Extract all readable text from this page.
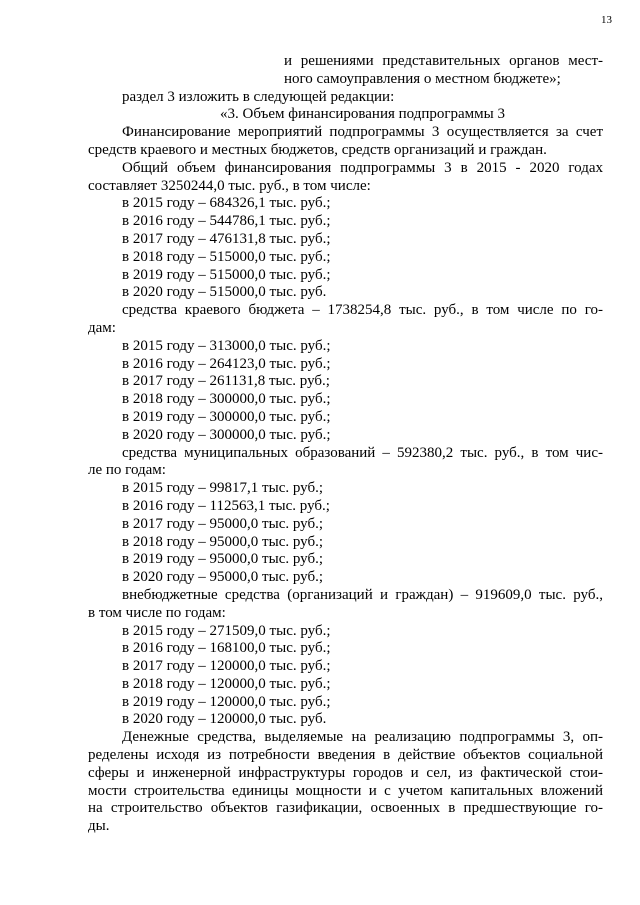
13
и решениями представительных органов мест-
ного самоуправления о местном бюджете»;
раздел 3 изложить в следующей редакции:
«3. Объем финансирования подпрограммы 3
Финансирование мероприятий подпрограммы 3 осуществляется за счет
средств краевого и местных бюджетов, средств организаций и граждан.
Общий объем финансирования подпрограммы 3 в 2015 - 2020 годах
составляет 3250244,0 тыс. руб., в том числе:
в 2015 году – 684326,1 тыс. руб.;
в 2016 году – 544786,1 тыс. руб.;
в 2017 году – 476131,8 тыс. руб.;
в 2018 году – 515000,0 тыс. руб.;
в 2019 году – 515000,0 тыс. руб.;
в 2020 году – 515000,0 тыс. руб.
средства краевого бюджета – 1738254,8 тыс. руб., в том числе по го-
дам:
в 2015 году – 313000,0 тыс. руб.;
в 2016 году – 264123,0 тыс. руб.;
в 2017 году – 261131,8 тыс. руб.;
в 2018 году – 300000,0 тыс. руб.;
в 2019 году – 300000,0 тыс. руб.;
в 2020 году – 300000,0 тыс. руб.;
средства муниципальных образований – 592380,2 тыс. руб., в том чис-
ле по годам:
в 2015 году – 99817,1 тыс. руб.;
в 2016 году – 112563,1 тыс. руб.;
в 2017 году – 95000,0 тыс. руб.;
в 2018 году – 95000,0 тыс. руб.;
в 2019 году – 95000,0 тыс. руб.;
в 2020 году – 95000,0 тыс. руб.;
внебюджетные средства (организаций и граждан) – 919609,0 тыс. руб.,
в том числе по годам:
в 2015 году – 271509,0 тыс. руб.;
в 2016 году – 168100,0 тыс. руб.;
в 2017 году – 120000,0 тыс. руб.;
в 2018 году – 120000,0 тыс. руб.;
в 2019 году – 120000,0 тыс. руб.;
в 2020 году – 120000,0 тыс. руб.
Денежные средства, выделяемые на реализацию подпрограммы 3, оп-
ределены исходя из потребности введения в действие объектов социальной
сферы и инженерной инфраструктуры городов и сел, из фактической стои-
мости строительства единицы мощности и с учетом капитальных вложений
на строительство объектов газификации, освоенных в предшествующие го-
ды.
